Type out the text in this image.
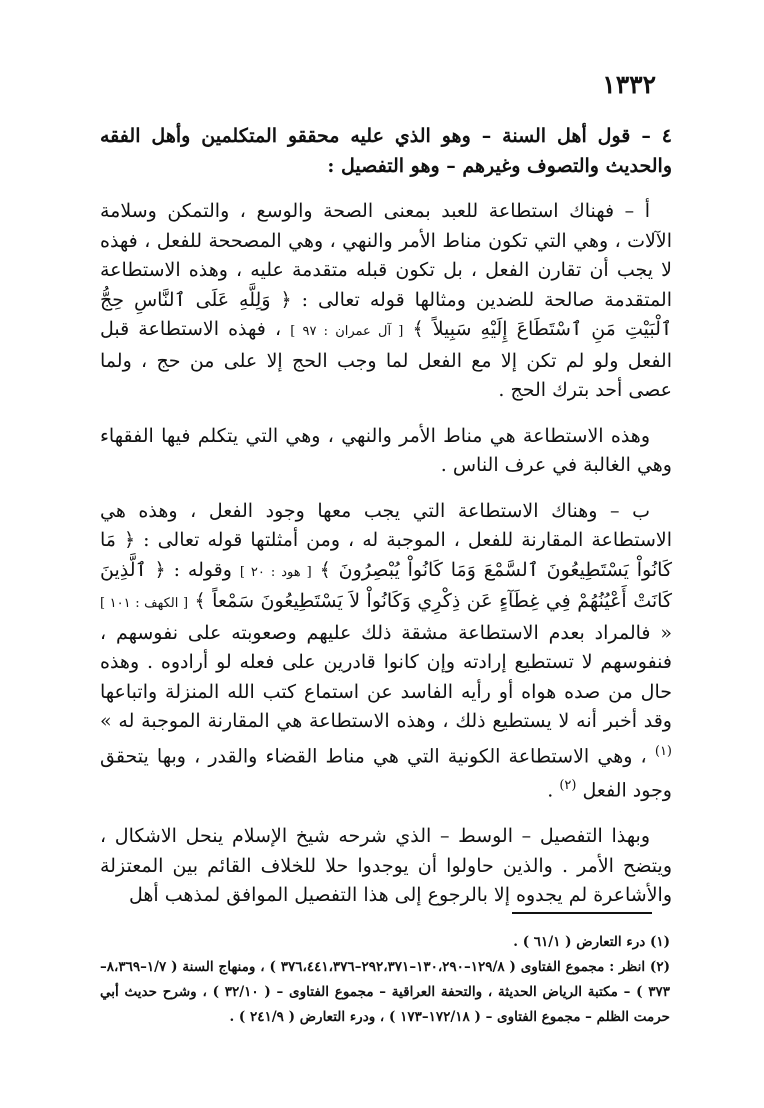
١٣٣٢

٤ – قول أهل السنة – وهو الذي عليه محققو المتكلمين وأهل الفقه والحديث والتصوف وغيرهم – وهو التفصيل :

أ – فهناك استطاعة للعبد بمعنى الصحة والوسع ، والتمكن وسلامة الآلات ، وهي التي تكون مناط الأمر والنهي ، وهي المصححة للفعل ، فهذه لا يجب أن تقارن الفعل ، بل تكون قبله متقدمة عليه ، وهذه الاستطاعة المتقدمة صالحة للضدين ومثالها قوله تعالى : ﴿ وَلِلَّهِ عَلَى ٱلنَّاسِ حِجُّ ٱلْبَيْتِ مَنِ ٱسْتَطَاعَ إِلَيْهِ سَبِيلاً ﴾ [ آل عمران : ٩٧ ] ، فهذه الاستطاعة قبل الفعل ولو لم تكن إلا مع الفعل لما وجب الحج إلا على من حج ، ولما عصى أحد بترك الحج .

وهذه الاستطاعة هي مناط الأمر والنهي ، وهي التي يتكلم فيها الفقهاء وهي الغالبة في عرف الناس .

ب – وهناك الاستطاعة التي يجب معها وجود الفعل ، وهذه هي الاستطاعة المقارنة للفعل ، الموجبة له ، ومن أمثلتها قوله تعالى : ﴿ مَا كَانُواْ يَسْتَطِيعُونَ ٱلسَّمْعَ وَمَا كَانُواْ يُبْصِرُونَ ﴾ [ هود : ٢٠ ] وقوله : ﴿ ٱلَّذِينَ كَانَتْ أَعْيُنُهُمْ فِي غِطَآءٍ عَن ذِكْرِي وَكَانُواْ لاَ يَسْتَطِيعُونَ سَمْعاً ﴾ [ الكهف : ١٠١ ] « فالمراد بعدم الاستطاعة مشقة ذلك عليهم وصعوبته على نفوسهم ، فنفوسهم لا تستطيع إرادته وإن كانوا قادرين على فعله لو أرادوه . وهذه حال من صده هواه أو رأيه الفاسد عن استماع كتب الله المنزلة واتباعها وقد أخبر أنه لا يستطيع ذلك ، وهذه الاستطاعة هي المقارنة الموجبة له » $^{(١)}$ ، وهي الاستطاعة الكونية التي هي مناط القضاء والقدر ، وبها يتحقق وجود الفعل $^{(٢)}$ .

وبهذا التفصيل – الوسط – الذي شرحه شيخ الإسلام ينحل الاشكال ، ويتضح الأمر . والذين حاولوا أن يوجدوا حلا للخلاف القائم بين المعتزلة والأشاعرة لم يجدوه إلا بالرجوع إلى هذا التفصيل الموافق لمذهب أهل

(١) درء التعارض ( ٦١/١ ) .

(٢) انظر : مجموع الفتاوى ( ١٢٩/٨–١٣٠،٢٩٠–٢٩٢،٣٧١–٣٧٦،٤٤١،٣٧٦ ) ، ومنهاج السنة ( ١/٧–٨،٣٦٩–٣٧٣ ) – مكتبة الرياض الحديثة ، والتحفة العراقية – مجموع الفتاوى – ( ٣٢/١٠ ) ، وشرح حديث أبي حرمت الظلم – مجموع الفتاوى – ( ١٧٢/١٨–١٧٣ ) ، ودرء التعارض ( ٢٤١/٩ ) .
